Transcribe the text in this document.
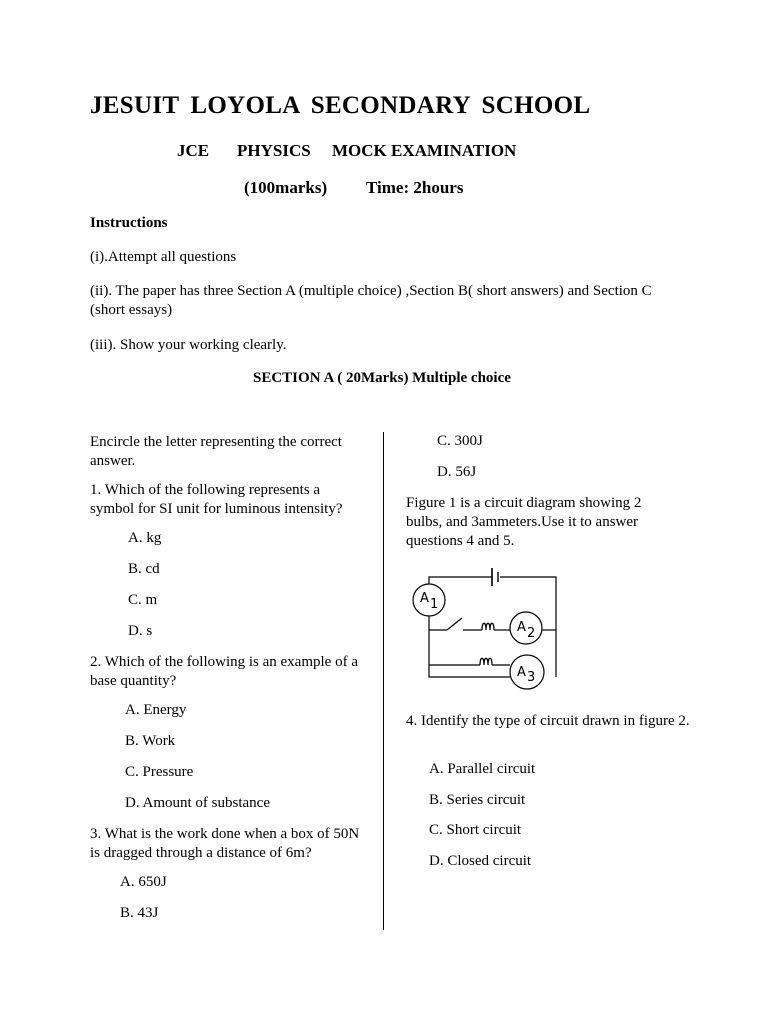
JESUIT LOYOLA SECONDARY SCHOOL
JCE PHYSICS MOCK EXAMINATION
(100marks) Time: 2hours
Instructions
(i).Attempt all questions
(ii). The paper has three Section A (multiple choice) ,Section B( short answers) and Section C (short essays)
(iii). Show your working clearly.
SECTION A ( 20Marks) Multiple choice
Encircle the letter representing the correct answer.
1. Which of the following represents a symbol for SI unit for luminous intensity?
A. kg
B. cd
C. m
D. s
2. Which of the following is an example of a base quantity?
A. Energy
B. Work
C. Pressure
D. Amount of substance
3. What is the work done when a box of 50N is dragged through a distance of 6m?
A. 650J
B. 43J
C. 300J
D. 56J
Figure 1 is a circuit diagram showing 2 bulbs, and 3ammeters.Use it to answer questions 4 and 5.
A 1
A 2
A 3
4. Identify the type of circuit drawn in figure 2.
A. Parallel circuit
B. Series circuit
C. Short circuit
D. Closed circuit
